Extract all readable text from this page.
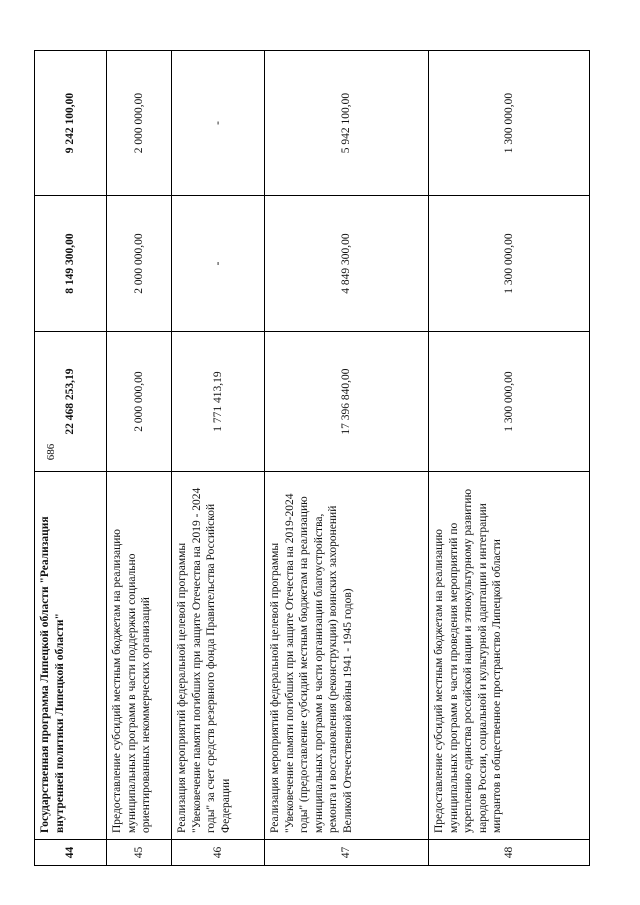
686
44	Государственная программа Липецкой области "Реализация внутренней политики Липецкой области"	22 468 253,19	8 149 300,00	9 242 100,00
45	Предоставление субсидий местным бюджетам на реализацию муниципальных программ в части поддержки социально ориентированных некоммерческих организаций	2 000 000,00	2 000 000,00	2 000 000,00
46	Реализация мероприятий федеральной целевой программы "Увековечение памяти погибших при защите Отечества на 2019 - 2024 годы" за счет средств резервного фонда Правительства Российской Федерации	1 771 413,19	-	-
47	Реализация мероприятий федеральной целевой программы "Увековечение памяти погибших при защите Отечества на 2019-2024 годы" (предоставление субсидий местным бюджетам на реализацию муниципальных программ в части организации благоустройства, ремонта и восстановления (реконструкции) воинских захоронений Великой Отечественной войны 1941 - 1945 годов)	17 396 840,00	4 849 300,00	5 942 100,00
48	Предоставление субсидий местным бюджетам на реализацию муниципальных программ в части проведения мероприятий по укреплению единства российской нации и этнокультурному развитию народов России, социальной и культурной адаптации и интеграции мигрантов в общественное пространство Липецкой области	1 300 000,00	1 300 000,00	1 300 000,00
